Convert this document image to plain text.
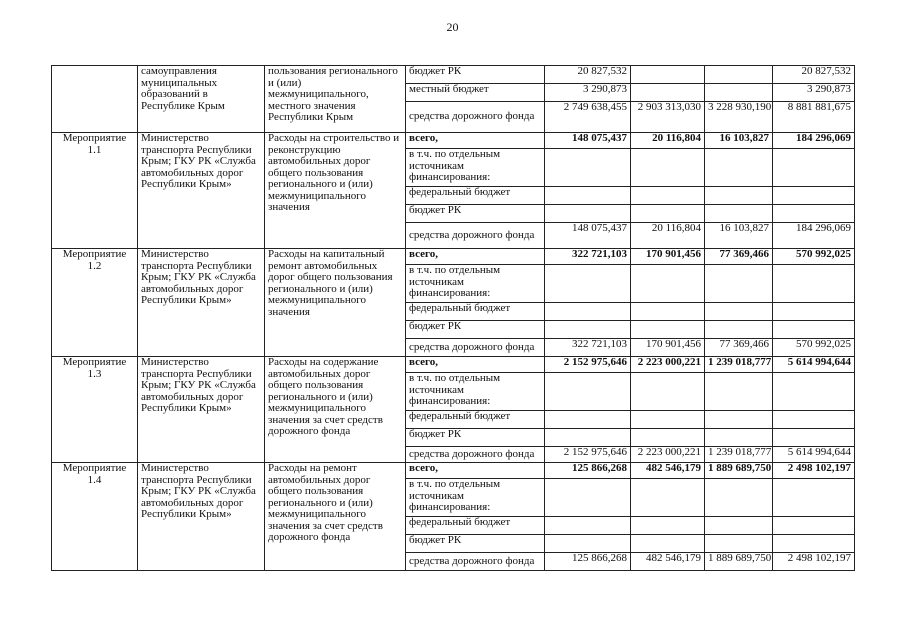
20
	самоуправления муниципальных образований в Республике Крым	пользования регионального и (или) межмуниципального, местного значения Республики Крым	бюджет РК	20 827,532			20 827,532
			местный бюджет	3 290,873			3 290,873
			средства дорожного фонда	2 749 638,455	2 903 313,030	3 228 930,190	8 881 881,675
Мероприятие 1.1	Министерство транспорта Республики Крым; ГКУ РК «Служба автомобильных дорог Республики Крым»	Расходы на строительство и реконструкцию автомобильных дорог общего пользования регионального и (или) межмуниципального значения	всего,	148 075,437	20 116,804	16 103,827	184 296,069
			в т.ч. по отдельным источникам финансирования:				
			федеральный бюджет				
			бюджет РК				
			средства дорожного фонда	148 075,437	20 116,804	16 103,827	184 296,069
Мероприятие 1.2	Министерство транспорта Республики Крым; ГКУ РК «Служба автомобильных дорог Республики Крым»	Расходы на капитальный ремонт автомобильных дорог общего пользования регионального и (или) межмуниципального значения	всего,	322 721,103	170 901,456	77 369,466	570 992,025
			в т.ч. по отдельным источникам финансирования:				
			федеральный бюджет				
			бюджет РК				
			средства дорожного фонда	322 721,103	170 901,456	77 369,466	570 992,025
Мероприятие 1.3	Министерство транспорта Республики Крым; ГКУ РК «Служба автомобильных дорог Республики Крым»	Расходы на содержание автомобильных дорог общего пользования регионального и (или) межмуниципального значения за счет средств дорожного фонда	всего,	2 152 975,646	2 223 000,221	1 239 018,777	5 614 994,644
			в т.ч. по отдельным источникам финансирования:				
			федеральный бюджет				
			бюджет РК				
			средства дорожного фонда	2 152 975,646	2 223 000,221	1 239 018,777	5 614 994,644
Мероприятие 1.4	Министерство транспорта Республики Крым; ГКУ РК «Служба автомобильных дорог Республики Крым»	Расходы на ремонт автомобильных дорог общего пользования регионального и (или) межмуниципального значения за счет средств дорожного фонда	всего,	125 866,268	482 546,179	1 889 689,750	2 498 102,197
			в т.ч. по отдельным источникам финансирования:				
			федеральный бюджет				
			бюджет РК				
			средства дорожного фонда	125 866,268	482 546,179	1 889 689,750	2 498 102,197
